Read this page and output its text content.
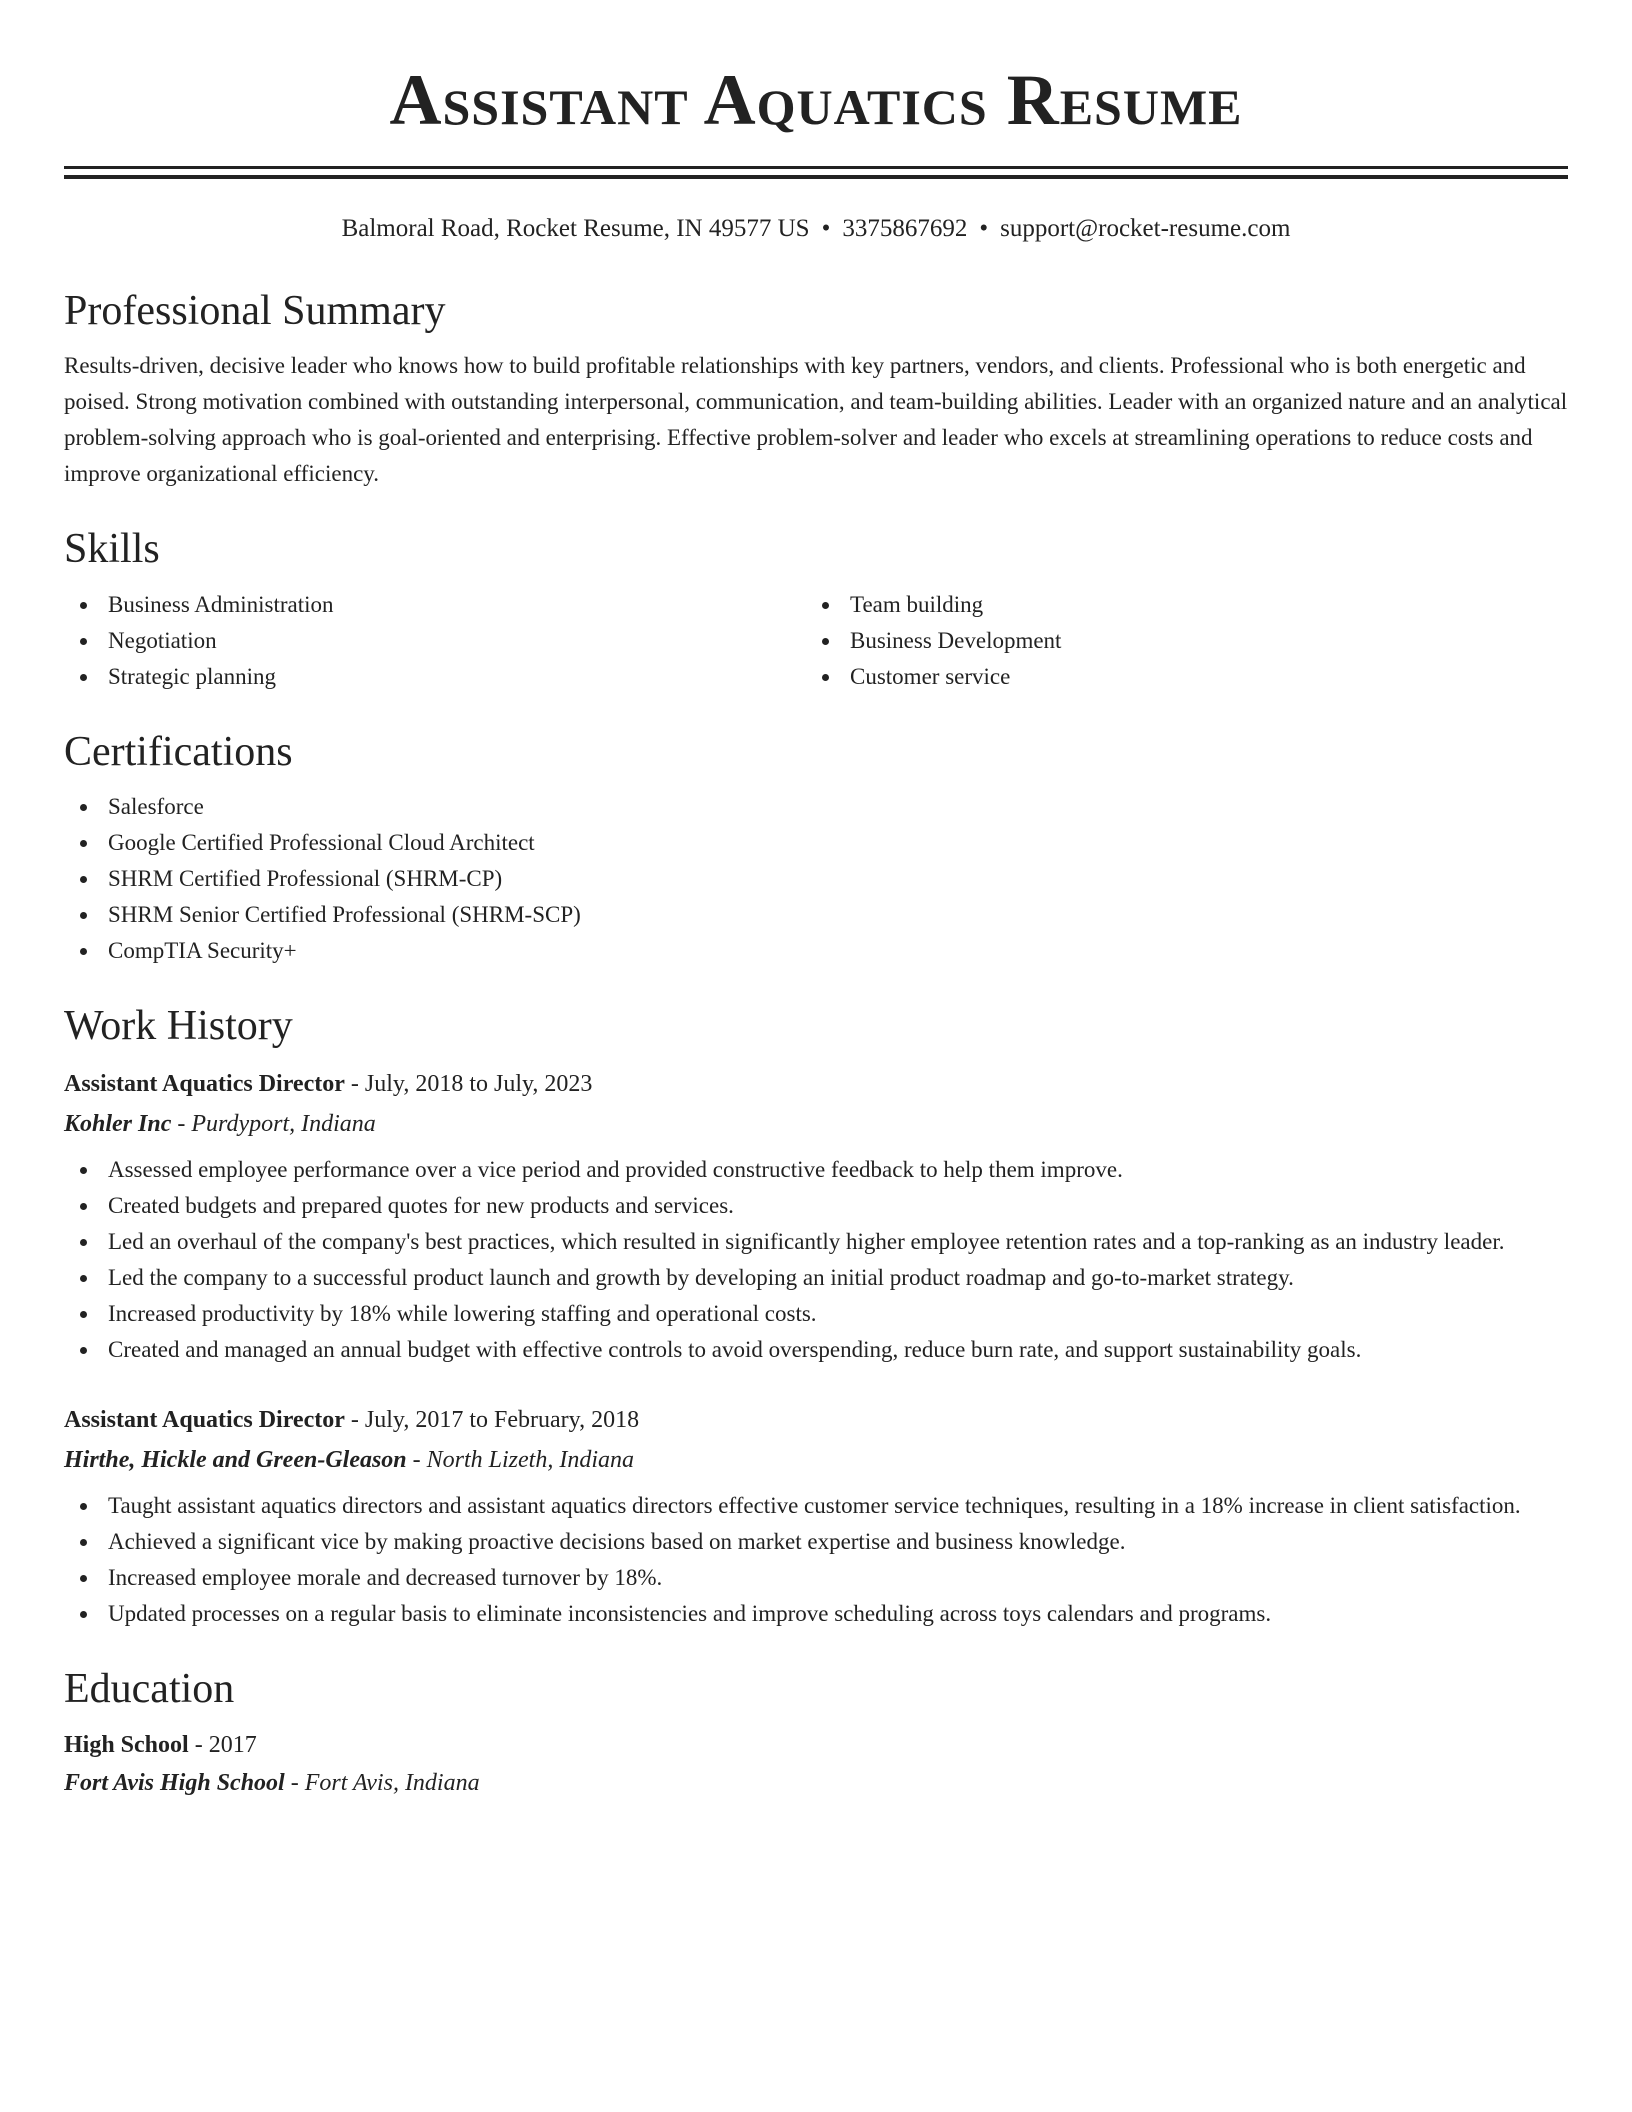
Assistant Aquatics Resume
Balmoral Road, Rocket Resume, IN 49577 US • 3375867692 • support@rocket-resume.com
Professional Summary

Results-driven, decisive leader who knows how to build profitable relationships with key partners, vendors, and clients. Professional who is both energetic and poised. Strong motivation combined with outstanding interpersonal, communication, and team-building abilities. Leader with an organized nature and an analytical problem-solving approach who is goal-oriented and enterprising. Effective problem-solver and leader who excels at streamlining operations to reduce costs and improve organizational efficiency.

Skills
Business Administration
Negotiation
Strategic planning
Team building
Business Development
Customer service
Certifications
Salesforce
Google Certified Professional Cloud Architect
SHRM Certified Professional (SHRM-CP)
SHRM Senior Certified Professional (SHRM-SCP)
CompTIA Security+
Work History
Assistant Aquatics Director - July, 2018 to July, 2023
Kohler Inc - Purdyport, Indiana
Assessed employee performance over a vice period and provided constructive feedback to help them improve.
Created budgets and prepared quotes for new products and services.
Led an overhaul of the company's best practices, which resulted in significantly higher employee retention rates and a top-ranking as an industry leader.
Led the company to a successful product launch and growth by developing an initial product roadmap and go-to-market strategy.
Increased productivity by 18% while lowering staffing and operational costs.
Created and managed an annual budget with effective controls to avoid overspending, reduce burn rate, and support sustainability goals.
Assistant Aquatics Director - July, 2017 to February, 2018
Hirthe, Hickle and Green-Gleason - North Lizeth, Indiana
Taught assistant aquatics directors and assistant aquatics directors effective customer service techniques, resulting in a 18% increase in client satisfaction.
Achieved a significant vice by making proactive decisions based on market expertise and business knowledge.
Increased employee morale and decreased turnover by 18%.
Updated processes on a regular basis to eliminate inconsistencies and improve scheduling across toys calendars and programs.
Education
High School - 2017
Fort Avis High School - Fort Avis, Indiana
